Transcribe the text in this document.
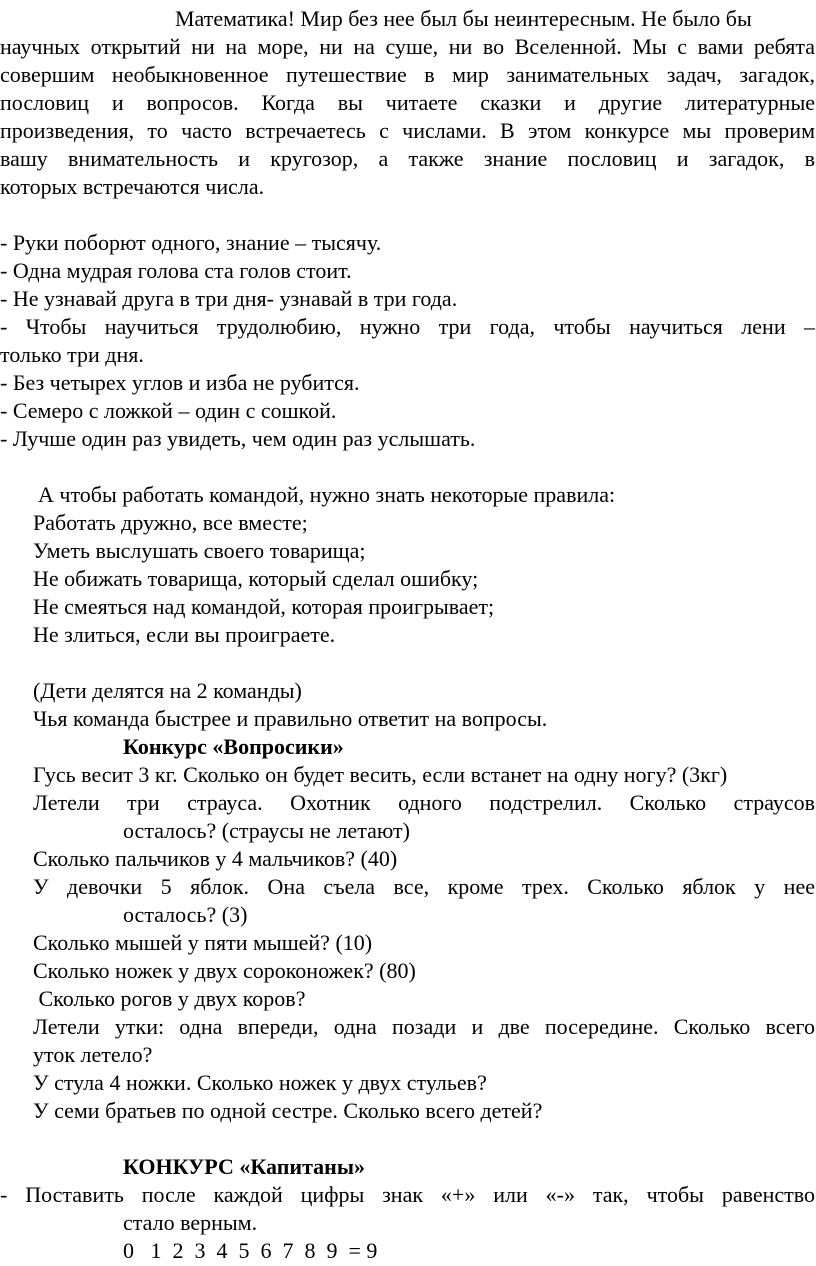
Математика! Мир без нее был бы неинтересным. Не было бы
научных открытий ни на море, ни на суше, ни во Вселенной. Мы с вами ребята
совершим необыкновенное путешествие в мир занимательных задач, загадок,
пословиц и вопросов. Когда вы читаете сказки и другие литературные
произведения, то часто встречаетесь с числами. В этом конкурсе мы проверим
вашу внимательность и кругозор, а также знание пословиц и загадок, в
которых встречаются числа.
- Руки поборют одного, знание – тысячу.
- Одна мудрая голова ста голов стоит.
- Не узнавай друга в три дня- узнавай в три года.
- Чтобы научиться трудолюбию, нужно три года, чтобы научиться лени –
только три дня.
- Без четырех углов и изба не рубится.
- Семеро с ложкой – один с сошкой.
- Лучше один раз увидеть, чем один раз услышать.
А чтобы работать командой, нужно знать некоторые правила:
Работать дружно, все вместе;
Уметь выслушать своего товарища;
Не обижать товарища, который сделал ошибку;
Не смеяться над командой, которая проигрывает;
Не злиться, если вы проиграете.
(Дети делятся на 2 команды)
Чья команда быстрее и правильно ответит на вопросы.
Конкурс «Вопросики»
Гусь весит 3 кг. Сколько он будет весить, если встанет на одну ногу? (3кг)
Летели три страуса. Охотник одного подстрелил. Сколько страусов
осталось? (страусы не летают)
Сколько пальчиков у 4 мальчиков? (40)
У девочки 5 яблок. Она съела все, кроме трех. Сколько яблок у нее
осталось? (3)
Сколько мышей у пяти мышей? (10)
Сколько ножек у двух сороконожек? (80)
Сколько рогов у двух коров?
Летели утки: одна впереди, одна позади и две посередине. Сколько всего
уток летело?
У стула 4 ножки. Сколько ножек у двух стульев?
У семи братьев по одной сестре. Сколько всего детей?
КОНКУРС «Капитаны»
- Поставить после каждой цифры знак «+» или «-» так, чтобы равенство
стало верным.
0   1  2  3  4  5  6  7  8  9  = 9
